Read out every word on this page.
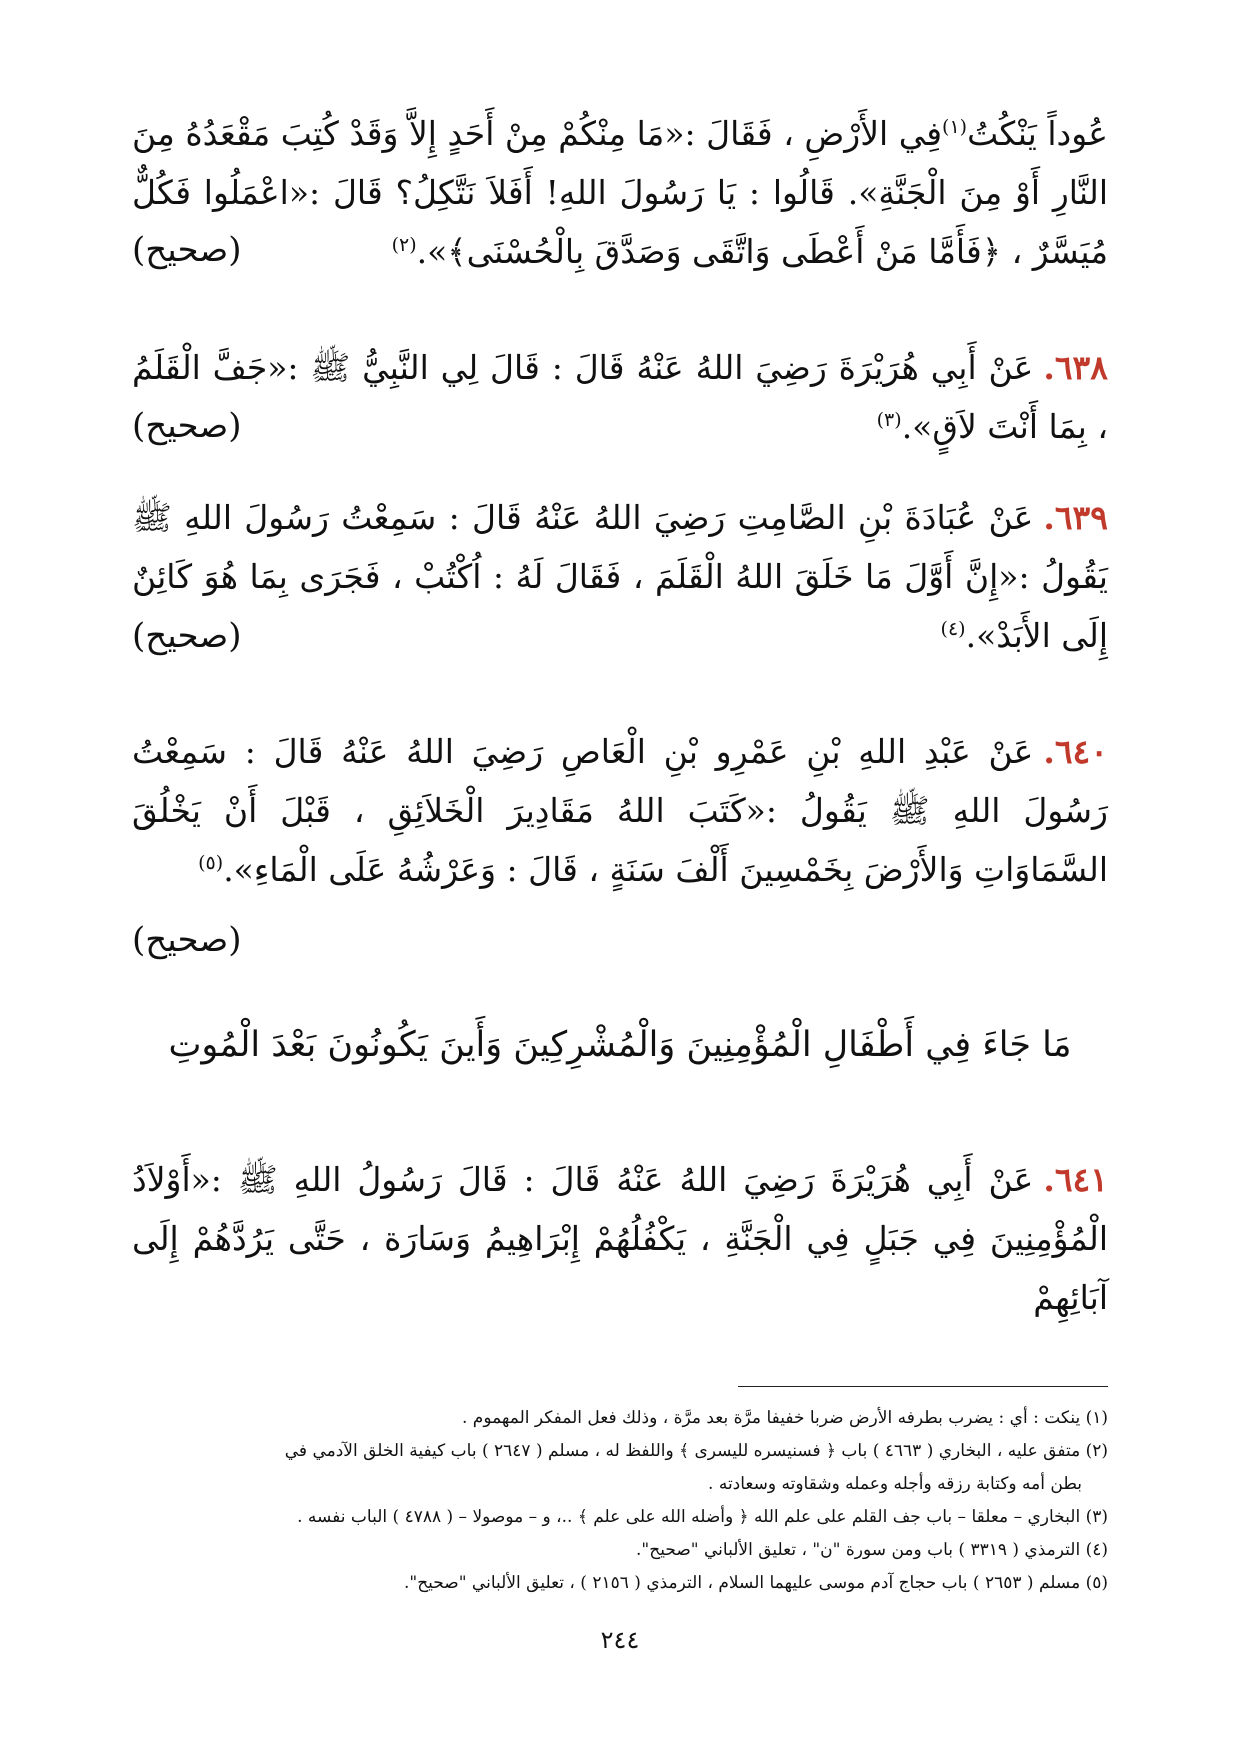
عُوداً يَنْكُتُ$^{(١)}$فِي الأَرْضِ ، فَقَالَ :«مَا مِنْكُمْ مِنْ أَحَدٍ إِلاَّ وَقَدْ كُتِبَ مَقْعَدُهُ مِنَ النَّارِ أَوْ مِنَ الْجَنَّةِ». قَالُوا : يَا رَسُولَ اللهِ! أَفَلاَ نَتَّكِلُ؟ قَالَ :«اعْمَلُوا فَكُلٌّ مُيَسَّرٌ ، ﴿فَأَمَّا مَنْ أَعْطَى وَاتَّقَى وَصَدَّقَ بِالْحُسْنَى﴾».$^{(٢)}$

(صحيح)

٦٣٨.عَنْ أَبِي هُرَيْرَةَ رَضِيَ اللهُ عَنْهُ قَالَ : قَالَ لِي النَّبِيُّ ﷺ :«جَفَّ الْقَلَمُ ، بِمَا أَنْتَ لاَقٍ».$^{(٣)}$

(صحيح)

٦٣٩.عَنْ عُبَادَةَ بْنِ الصَّامِتِ رَضِيَ اللهُ عَنْهُ قَالَ : سَمِعْتُ رَسُولَ اللهِ ﷺ يَقُولُ :«إِنَّ أَوَّلَ مَا خَلَقَ اللهُ الْقَلَمَ ، فَقَالَ لَهُ : اُكْتُبْ ، فَجَرَى بِمَا هُوَ كَائِنٌ إِلَى الأَبَدْ».$^{(٤)}$

(صحيح)

٦٤٠.عَنْ عَبْدِ اللهِ بْنِ عَمْرِو بْنِ الْعَاصِ رَضِيَ اللهُ عَنْهُ قَالَ : سَمِعْتُ رَسُولَ اللهِ ﷺ يَقُولُ :«كَتَبَ اللهُ مَقَادِيرَ الْخَلاَئِقِ ، قَبْلَ أَنْ يَخْلُقَ السَّمَاوَاتِ وَالأَرْضَ بِخَمْسِينَ أَلْفَ سَنَةٍ ، قَالَ : وَعَرْشُهُ عَلَى الْمَاءِ».$^{(٥)}$

(صحيح)
مَا جَاءَ فِي أَطْفَالِ الْمُؤْمِنِينَ وَالْمُشْرِكِينَ وَأَينَ يَكُونُونَ بَعْدَ الْمُوتِ

٦٤١.عَنْ أَبِي هُرَيْرَةَ رَضِيَ اللهُ عَنْهُ قَالَ : قَالَ رَسُولُ اللهِ ﷺ :«أَوْلاَدُ الْمُؤْمِنِينَ فِي جَبَلٍ فِي الْجَنَّةِ ، يَكْفُلُهُمْ إِبْرَاهِيمُ وَسَارَة ، حَتَّى يَرُدَّهُمْ إِلَى آبَائِهِمْ

(١) ينكت : أي : يضرب بطرفه الأرض ضربا خفيفا مرَّة بعد مرَّة ، وذلك فعل المفكر المهموم .

(٢) متفق عليه ، البخاري ( ٤٦٦٣ ) باب ﴿ فسنيسره لليسرى ﴾ واللفظ له ، مسلم ( ٢٦٤٧ ) باب كيفية الخلق الآدمي في

بطن أمه وكتابة رزقه وأجله وعمله وشقاوته وسعادته .

(٣) البخاري – معلقا – باب جف القلم على علم الله ﴿ وأضله الله على علم ﴾ ..، و – موصولا – ( ٤٧٨٨ ) الباب نفسه .

(٤) الترمذي ( ٣٣١٩ ) باب ومن سورة "ن" ، تعليق الألباني "صحيح".

(٥) مسلم ( ٢٦٥٣ ) باب حجاج آدم موسى عليهما السلام ، الترمذي ( ٢١٥٦ ) ، تعليق الألباني "صحيح".

٢٤٤
